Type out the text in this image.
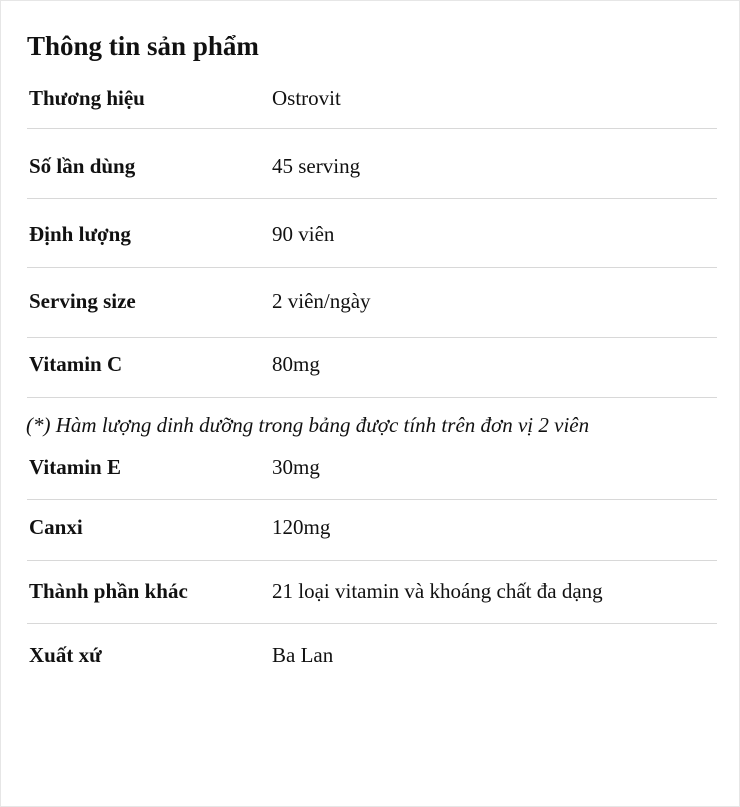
Thông tin sản phẩm
Thương hiệu	Ostrovit
Số lần dùng	45 serving
Định lượng	90 viên
Serving size	2 viên/ngày
Vitamin C	80mg
(*) Hàm lượng dinh dưỡng trong bảng được tính trên đơn vị 2 viên
Vitamin E	30mg
Canxi	120mg
Thành phần khác	21 loại vitamin và khoáng chất đa dạng
Xuất xứ	Ba Lan
